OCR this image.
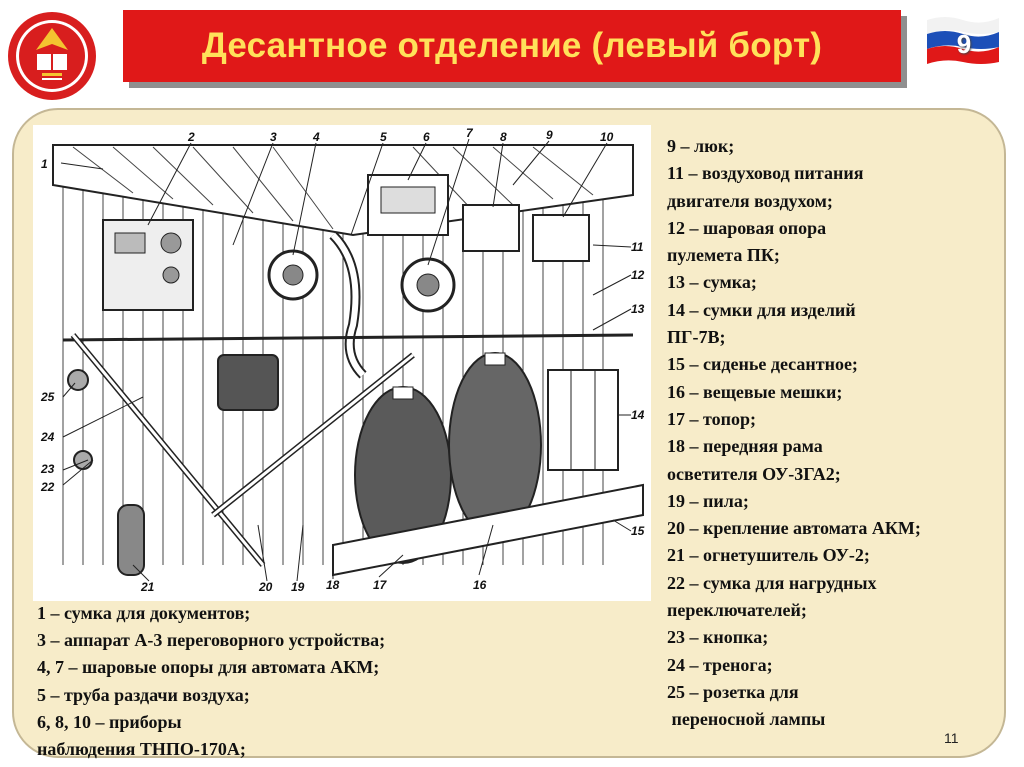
Десантное отделение (левый борт)	9
1
2	3	4	5	6	7 8	9	10
11
12
13
14
15
16
17
18
19
20
21
22
23
24
25
9 – люк;
11 – воздуховод питания
двигателя воздухом;
12 – шаровая опора
пулемета ПК;
13 – сумка;
14 – сумки для изделий
ПГ-7В;
15 – сиденье десантное;
16 – вещевые мешки;
17 – топор;
18 – передняя рама
осветителя ОУ-3ГА2;
19 – пила;
20 – крепление автомата АКМ;
21 – огнетушитель ОУ-2;
22 – сумка для нагрудных
переключателей;
23 – кнопка;
24 – тренога;
25 – розетка для
переносной лампы
1 – сумка для документов;
3 – аппарат А-3 переговорного устройства;
4, 7 – шаровые опоры для автомата АКМ;
5 – труба раздачи воздуха;
6, 8, 10 – приборы
наблюдения ТНПО-170А;
11
